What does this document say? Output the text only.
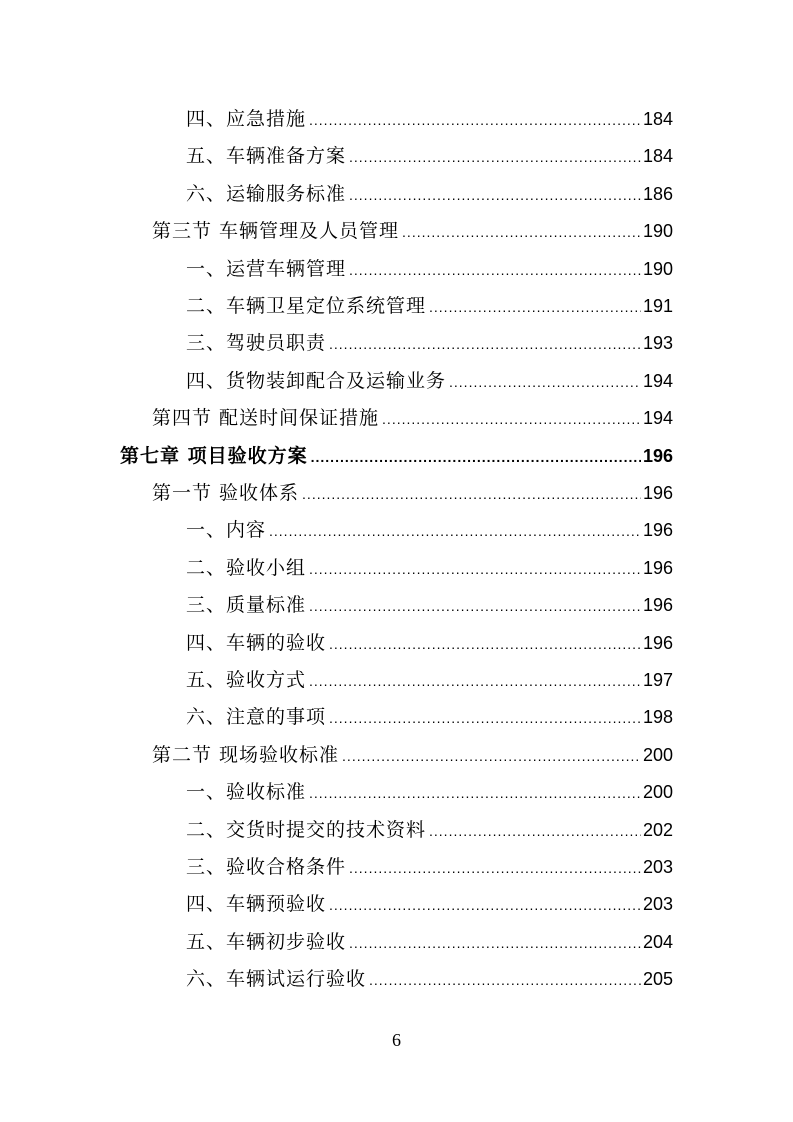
四、应急措施 .....	184
五、车辆准备方案 .....	184
六、运输服务标准 .....	186
第三节 车辆管理及人员管理 .....	190
一、运营车辆管理 .....	190
二、车辆卫星定位系统管理 .....	191
三、驾驶员职责 .....	193
四、货物装卸配合及运输业务 .....	194
第四节 配送时间保证措施 .....	194
第七章 项目验收方案 .....	196
第一节 验收体系 .....	196
一、内容 .....	196
二、验收小组 .....	196
三、质量标准 .....	196
四、车辆的验收 .....	196
五、验收方式 .....	197
六、注意的事项 .....	198
第二节 现场验收标准 .....	200
一、验收标准 .....	200
二、交货时提交的技术资料 .....	202
三、验收合格条件 .....	203
四、车辆预验收 .....	203
五、车辆初步验收 .....	204
六、车辆试运行验收 .....	205
6
